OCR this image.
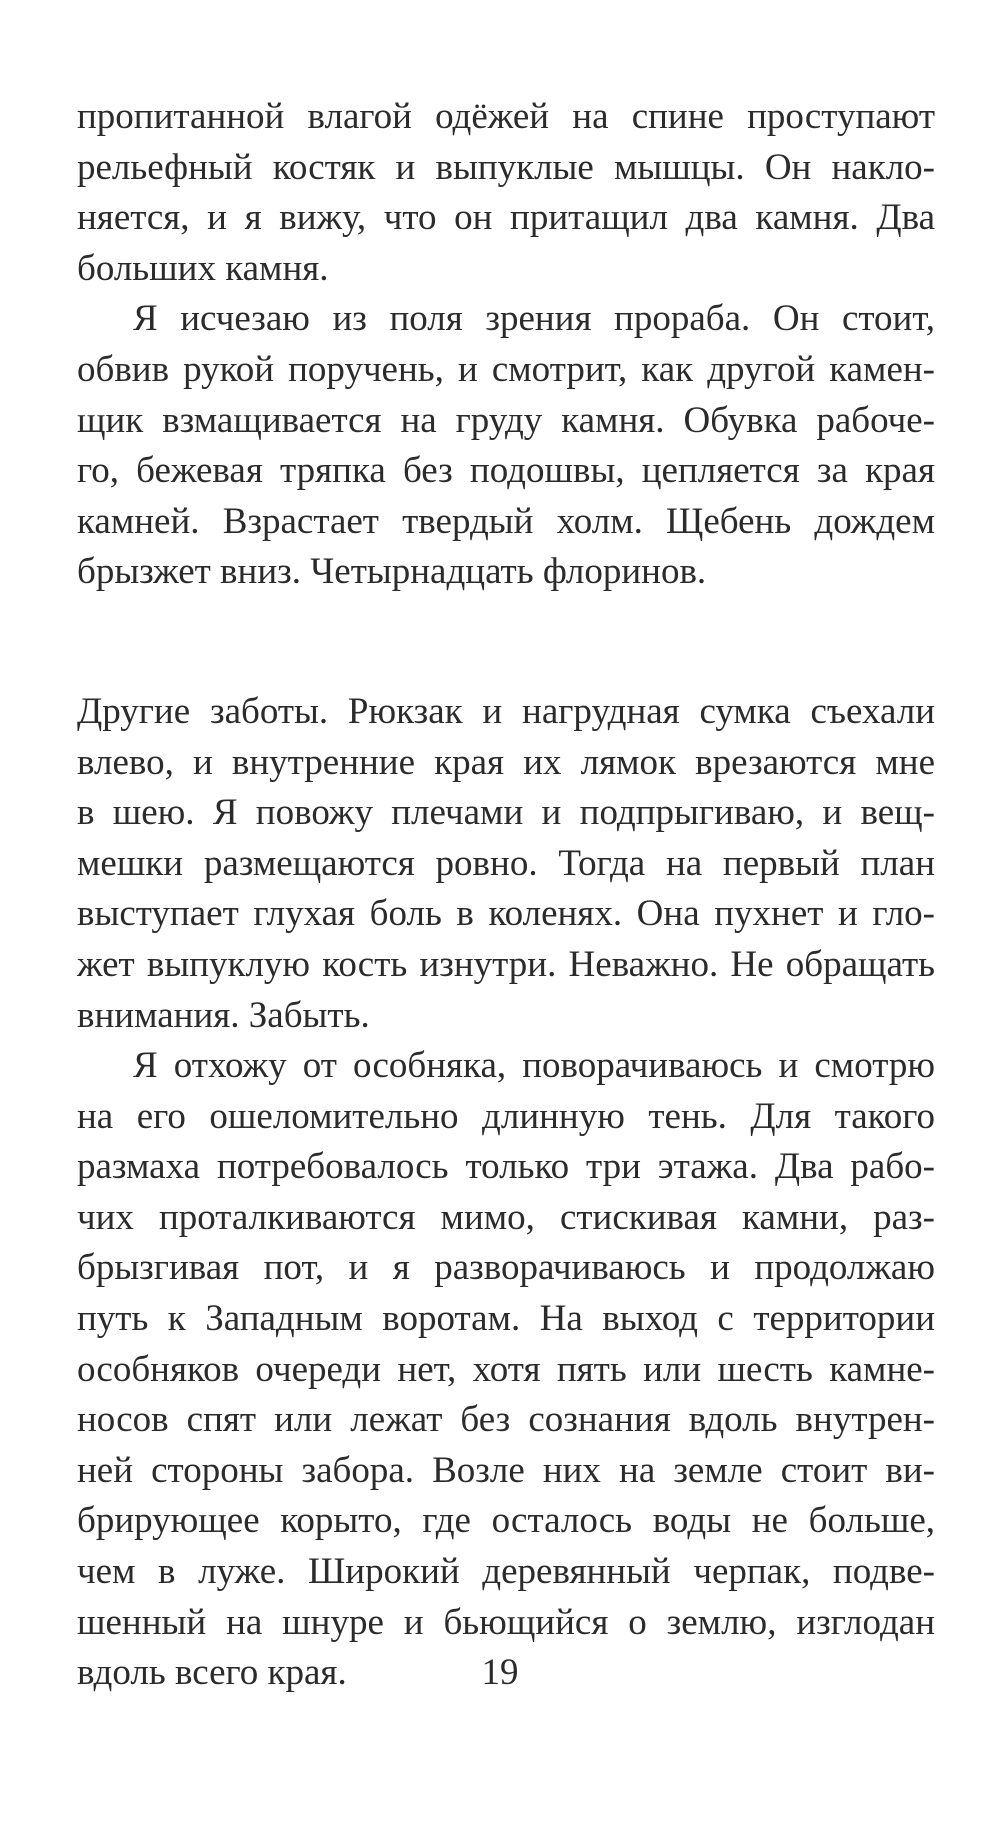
пропитанной влагой одёжей на спине проступают
рельефный костяк и выпуклые мышцы. Он накло-
няется, и я вижу, что он притащил два камня. Два
больших камня.
Я исчезаю из поля зрения прораба. Он стоит,
обвив рукой поручень, и смотрит, как другой камен-
щик взмащивается на груду камня. Обувка рабоче-
го, бежевая тряпка без подошвы, цепляется за края
камней. Взрастает твердый холм. Щебень дождем
брызжет вниз. Четырнадцать флоринов.
Другие заботы. Рюкзак и нагрудная сумка съехали
влево, и внутренние края их лямок врезаются мне
в шею. Я повожу плечами и подпрыгиваю, и вещ-
мешки размещаются ровно. Тогда на первый план
выступает глухая боль в коленях. Она пухнет и гло-
жет выпуклую кость изнутри. Неважно. Не обращать
внимания. Забыть.
Я отхожу от особняка, поворачиваюсь и смотрю
на его ошеломительно длинную тень. Для такого
размаха потребовалось только три этажа. Два рабо-
чих проталкиваются мимо, стискивая камни, раз-
брызгивая пот, и я разворачиваюсь и продолжаю
путь к Западным воротам. На выход с территории
особняков очереди нет, хотя пять или шесть камне-
носов спят или лежат без сознания вдоль внутрен-
ней стороны забора. Возле них на земле стоит ви-
брирующее корыто, где осталось воды не больше,
чем в луже. Широкий деревянный черпак, подве-
шенный на шнуре и бьющийся о землю, изглодан
вдоль всего края.	19
